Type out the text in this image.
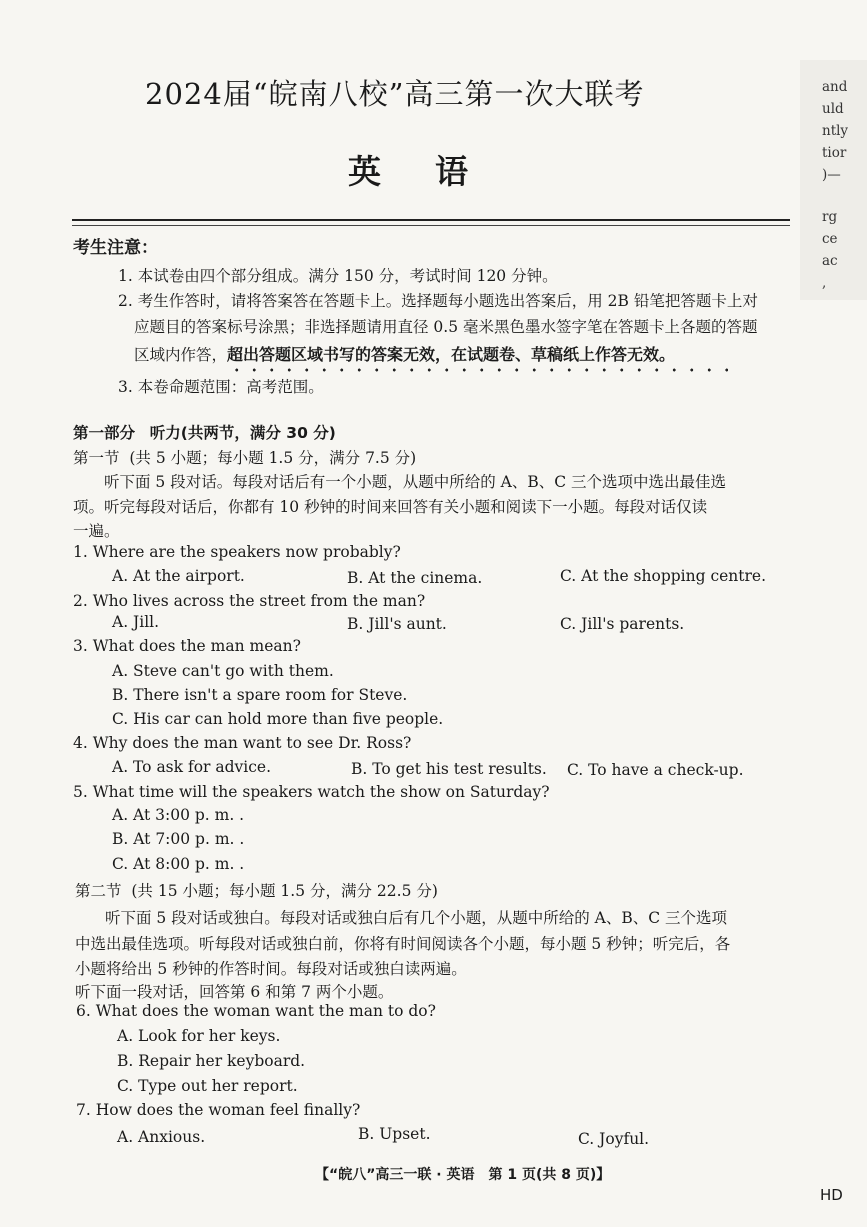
2024届“皖南八校”高三第一次大联考
英语
考生注意：
1. 本试卷由四个部分组成。满分 150 分，考试时间 120 分钟。
2. 考生作答时，请将答案答在答题卡上。选择题每小题选出答案后，用 2B 铅笔把答题卡上对
应题目的答案标号涂黑；非选择题请用直径 0.5 毫米黑色墨水签字笔在答题卡上各题的答题
区域内作答，超出答题区域书写的答案无效，在试题卷、草稿纸上作答无效。
3. 本卷命题范围：高考范围。
第一部分 听力(共两节，满分 30 分)
第一节 (共 5 小题；每小题 1.5 分，满分 7.5 分)
听下面 5 段对话。每段对话后有一个小题，从题中所给的 A、B、C 三个选项中选出最佳选
项。听完每段对话后，你都有 10 秒钟的时间来回答有关小题和阅读下一小题。每段对话仅读
一遍。
1. Where are the speakers now probably?
A. At the airport.	B. At the cinema.	C. At the shopping centre.
2. Who lives across the street from the man?
A. Jill.	B. Jill's aunt.	C. Jill's parents.
3. What does the man mean?
A. Steve can't go with them.
B. There isn't a spare room for Steve.
C. His car can hold more than five people.
4. Why does the man want to see Dr. Ross?
A. To ask for advice.	B. To get his test results. C. To have a check-up.
5. What time will the speakers watch the show on Saturday?
A. At 3:00 p. m. .
B. At 7:00 p. m. .
C. At 8:00 p. m. .
第二节 (共 15 小题；每小题 1.5 分，满分 22.5 分)
听下面 5 段对话或独白。每段对话或独白后有几个小题，从题中所给的 A、B、C 三个选项
中选出最佳选项。听每段对话或独白前，你将有时间阅读各个小题，每小题 5 秒钟；听完后，各
小题将给出 5 秒钟的作答时间。每段对话或独白读两遍。
听下面一段对话，回答第 6 和第 7 两个小题。
6. What does the woman want the man to do?
A. Look for her keys.
B. Repair her keyboard.
C. Type out her report.
7. How does the woman feel finally?
A. Anxious.	B. Upset.	C. Joyful.
【“皖八”高三一联 · 英语　第 1 页(共 8 页)】
HD
and
uld
ntly
tior
)—
rg
ce
ac
,
